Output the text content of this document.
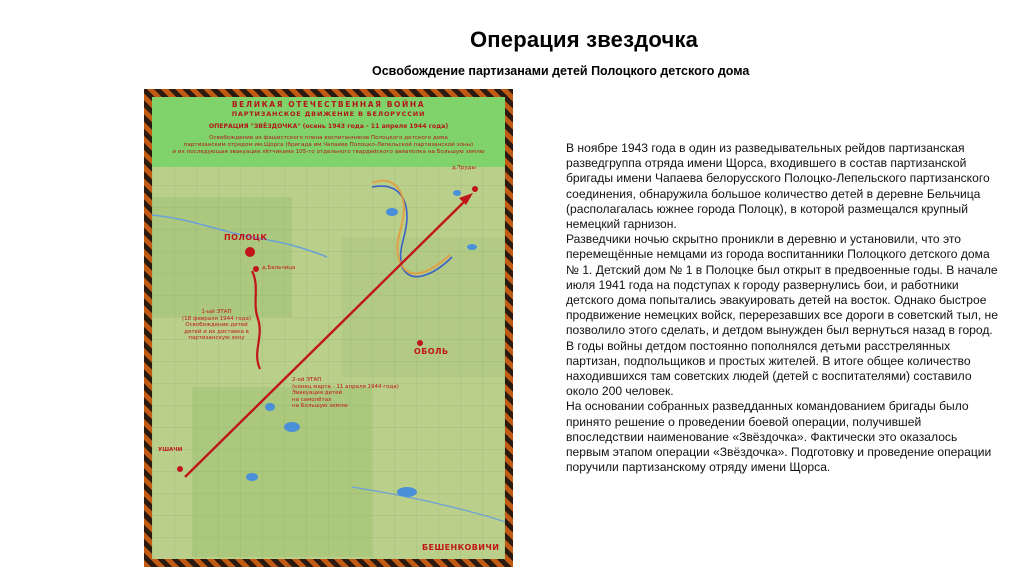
Операция звездочка
Освобождение партизанами детей Полоцкого детского дома
ВЕЛИКАЯ ОТЕЧЕСТВЕННАЯ ВОЙНА
ПАРТИЗАНСКОЕ ДВИЖЕНИЕ В БЕЛОРУССИИ
ОПЕРАЦИЯ "ЗВЁЗДОЧКА" (осень 1943 года - 11 апреля 1944 года)
Освобождение из фашистского плена воспитанников Полоцкого детского дома
партизанским отрядом им.Щорса (бригада им.Чапаева Полоцко-Лепельской партизанской зоны)
и их последующая эвакуация лётчиками 105-го отдельного гвардейского авиаполка на Большую землю
ПОЛОЦК
д.Бельчица
д.Труды
ОБОЛЬ
УШАЧИ
БЕШЕНКОВИЧИ
1-ый ЭТАП
(18 февраля 1944 года)
Освобождение детей
детей и их доставка в
партизанскую зону
2-ой ЭТАП
(конец марта - 11 апреля 1944 года)
Эвакуация детей
на самолётах
на Большую землю

В ноябре 1943 года в один из разведывательных рейдов партизанская разведгруппа отряда имени Щорса, входившего в состав партизанской бригады имени Чапаева белорусского Полоцко-Лепельского партизанского соединения, обнаружила большое количество детей в деревне Бельчица (располагалась южнее города Полоцк), в которой размещался крупный немецкий гарнизон.

Разведчики ночью скрытно проникли в деревню и установили, что это перемещённые немцами из города воспитанники Полоцкого детского дома № 1. Детский дом № 1 в Полоцке был открыт в предвоенные годы. В начале июля 1941 года на подступах к городу развернулись бои, и работники детского дома попытались эвакуировать детей на восток. Однако быстрое продвижение немецких войск, перерезавших все дороги в советский тыл, не позволило этого сделать, и детдом вынужден был вернуться назад в город. В годы войны детдом постоянно пополнялся детьми расстрелянных партизан, подпольщиков и простых жителей. В итоге общее количество находившихся там советских людей (детей с воспитателями) составило около 200 человек.

На основании собранных разведданных командованием бригады было принято решение о проведении боевой операции, получившей впоследствии наименование «Звёздочка». Фактически это оказалось первым этапом операции «Звёздочка». Подготовку и проведение операции поручили партизанскому отряду имени Щорса.
